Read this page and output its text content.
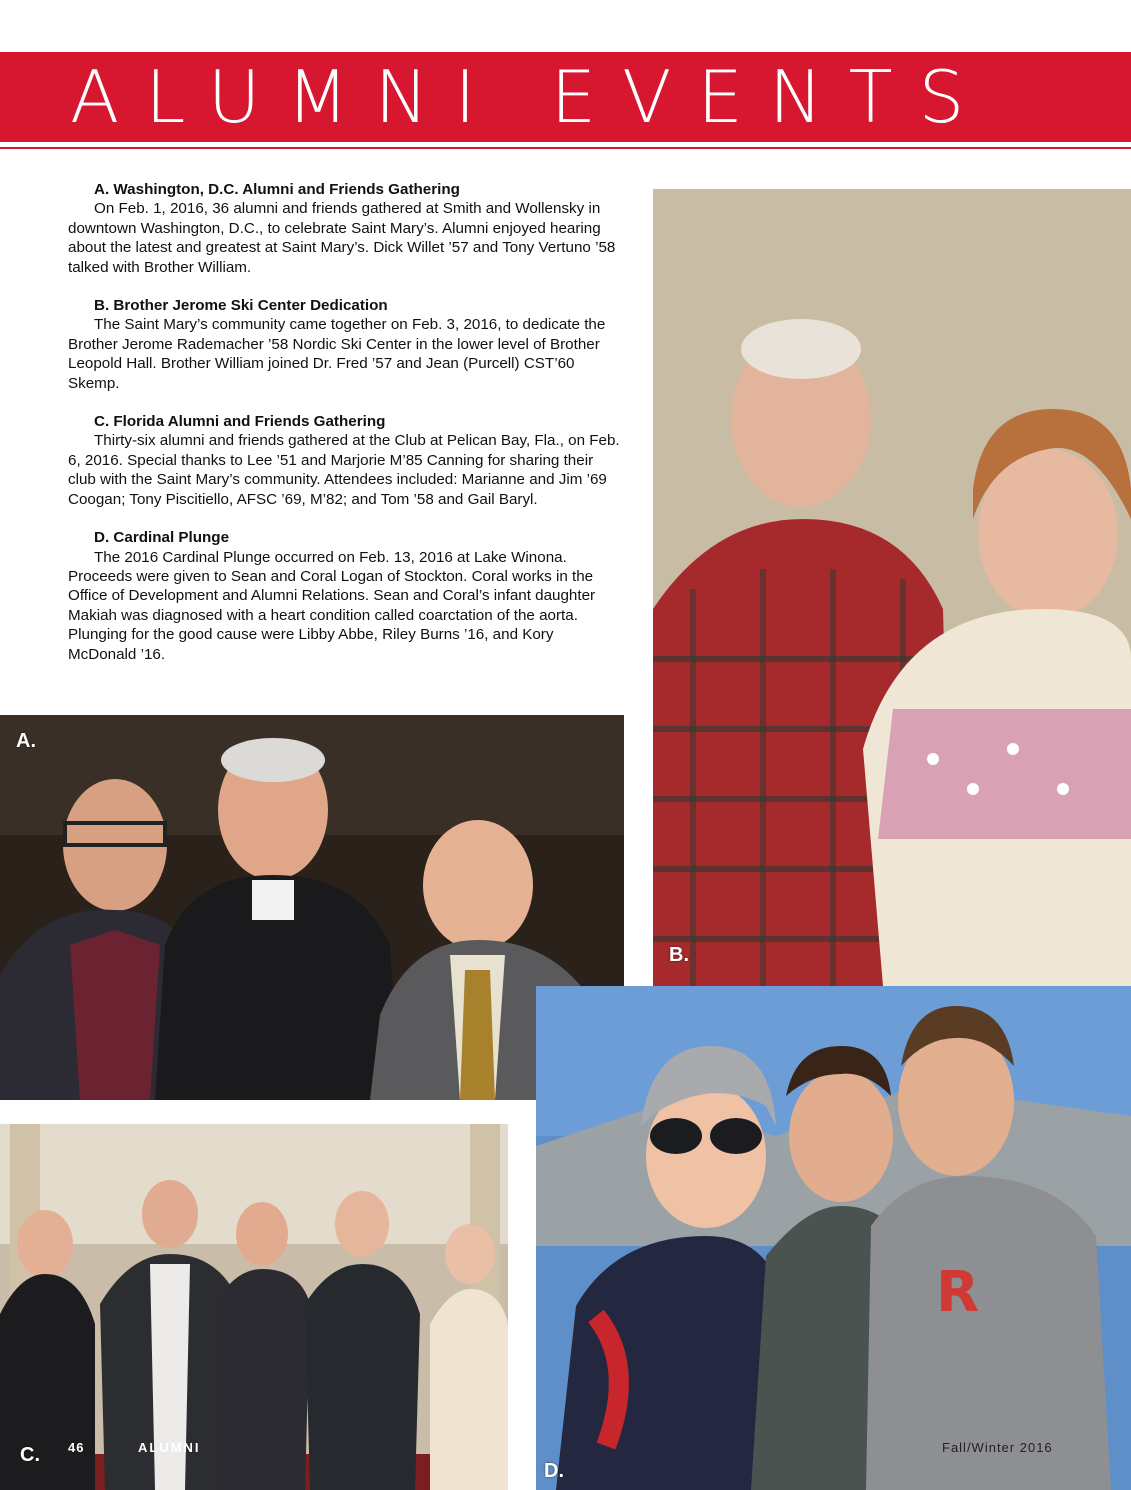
ALUMNI EVENTS
A. Washington, D.C. Alumni and Friends Gathering

On Feb. 1, 2016, 36 alumni and friends gathered at Smith and Wollensky in downtown Washington, D.C., to celebrate Saint Mary’s. Alumni enjoyed hearing about the latest and greatest at Saint Mary’s. Dick Willet ’57 and Tony Vertuno ’58 talked with Brother William.

B. Brother Jerome Ski Center Dedication

The Saint Mary’s community came together on Feb. 3, 2016, to dedicate the Brother Jerome Rademacher ’58 Nordic Ski Center in the lower level of Brother Leopold Hall. Brother William joined Dr. Fred ’57 and Jean (Purcell) CST’60 Skemp.

C. Florida Alumni and Friends Gathering

Thirty-six alumni and friends gathered at the Club at Pelican Bay, Fla., on Feb. 6, 2016. Special thanks to Lee ’51 and Marjorie M’85 Canning for sharing their club with the Saint Mary’s community. Attendees included: Marianne and Jim ’69 Coogan; Tony Piscitiello, AFSC ’69, M’82; and Tom ’58 and Gail Baryl.

D. Cardinal Plunge

The 2016 Cardinal Plunge occurred on Feb. 13, 2016 at Lake Winona. Proceeds were given to Sean and Coral Logan of Stockton. Coral works in the Office of Development and Alumni Relations. Sean and Coral’s infant daughter Makiah was diagnosed with a heart condition called coarctation of the aorta. Plunging for the good cause were Libby Abbe, Riley Burns ’16, and Kory McDonald ’16.

B.
A.
C. 46	ALUMNI
R
D.
Fall/Winter 2016
